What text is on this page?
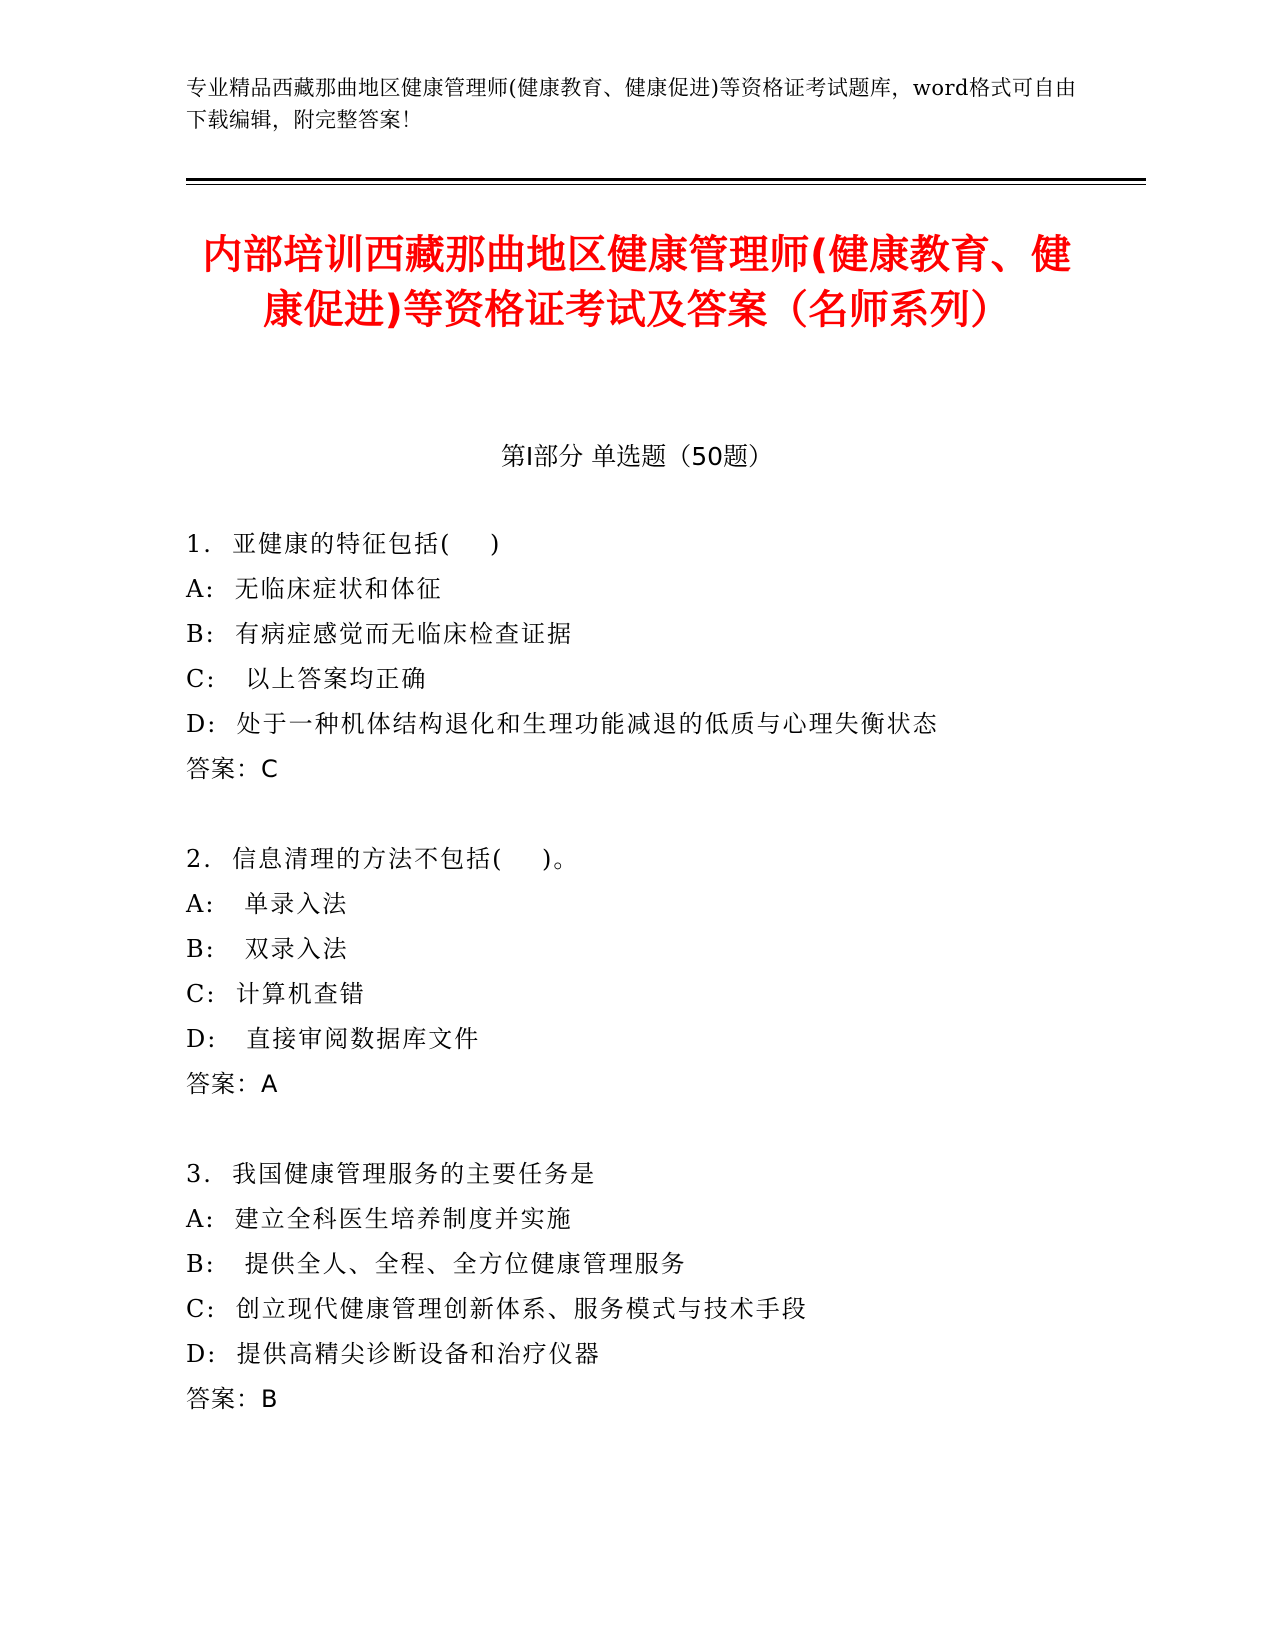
专业精品西藏那曲地区健康管理师(健康教育、健康促进)等资格证考试题库，word格式可自由下载编辑，附完整答案！
内部培训西藏那曲地区健康管理师(健康教育、健康促进)等资格证考试及答案（名师系列）
第Ⅰ部分 单选题（50题）
1.  亚健康的特征包括(    )
A:  无临床症状和体征
B:  有病症感觉而无临床检查证据
C:   以上答案均正确
D:  处于一种机体结构退化和生理功能减退的低质与心理失衡状态
答案：C
2.  信息清理的方法不包括(    )。
A:   单录入法
B:   双录入法
C:  计算机查错
D:   直接审阅数据库文件
答案：A
3.  我国健康管理服务的主要任务是
A:  建立全科医生培养制度并实施
B:   提供全人、全程、全方位健康管理服务
C:  创立现代健康管理创新体系、服务模式与技术手段
D:  提供高精尖诊断设备和治疗仪器
答案：B
